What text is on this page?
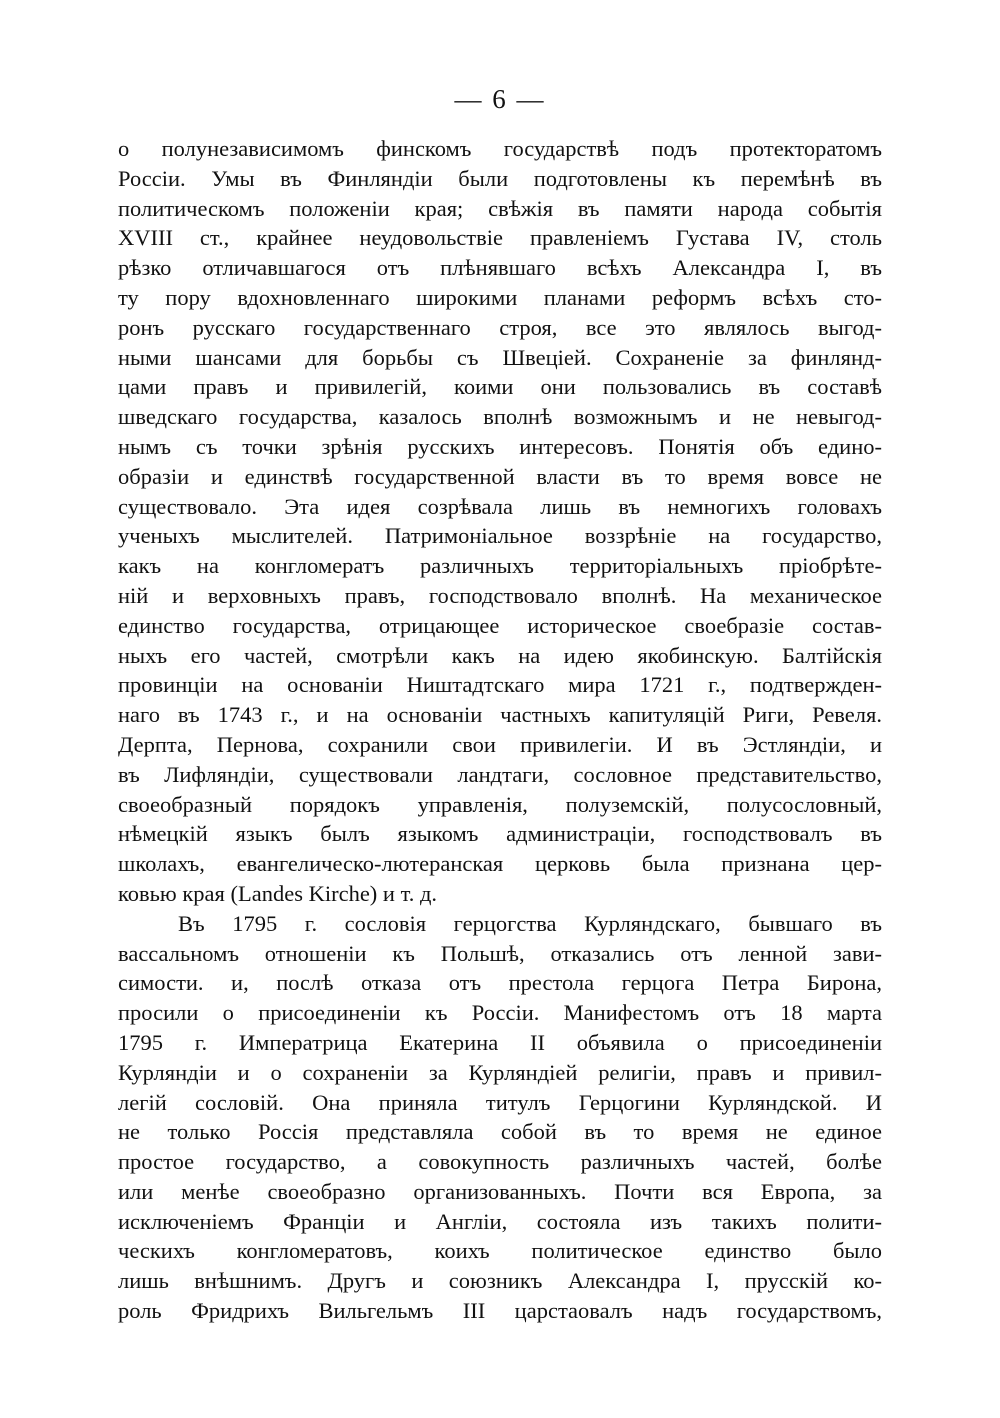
— 6 —
о полунезависимомъ финскомъ государствѣ подъ протекторатомъ
Россіи. Умы въ Финляндіи были подготовлены къ перемѣнѣ въ
политическомъ положеніи края; свѣжія въ памяти народа событія
XVIII ст., крайнее неудовольствіе правленіемъ Густава IV, столь
рѣзко отличавшагося отъ плѣнявшаго всѣхъ Александра I, въ
ту пору вдохновленнаго широкими планами реформъ всѣхъ сто-
ронъ русскаго государственнаго строя, все это являлось выгод-
ными шансами для борьбы съ Швеціей. Сохраненіе за финлянд-
цами правъ и привилегій, коими они пользовались въ составѣ
шведскаго государства, казалось вполнѣ возможнымъ и не невыгод-
нымъ съ точки зрѣнія русскихъ интересовъ. Понятія объ едино-
образіи и единствѣ государственной власти въ то время вовсе не
существовало. Эта идея созрѣвала лишь въ немногихъ головахъ
ученыхъ мыслителей. Патримоніальное воззрѣніе на государство,
какъ на конгломератъ различныхъ территоріальныхъ пріобрѣте-
ній и верховныхъ правъ, господствовало вполнѣ. На механическое
единство государства, отрицающее историческое своебразіе состав-
ныхъ его частей, смотрѣли какъ на идею якобинскую. Балтійскія
провинціи на основаніи Ништадтскаго мира 1721 г., подтвержден-
наго въ 1743 г., и на основаніи частныхъ капитуляцій Риги, Ревеля.
Дерпта, Пернова, сохранили свои привилегіи. И въ Эстляндіи, и
въ Лифляндіи, существовали ландтаги, сословное представительство,
своеобразный порядокъ управленія, полуземскій, полусословный,
нѣмецкій языкъ былъ языкомъ администраціи, господствовалъ въ
школахъ, евангелическо-лютеранская церковь была признана цер-
ковью края (Landes Kirche) и т. д.
Въ 1795 г. сословія герцогства Курляндскаго, бывшаго въ
вассальномъ отношеніи къ Польшѣ, отказались отъ ленной зави-
симости. и, послѣ отказа отъ престола герцога Петра Бирона,
просили о присоединеніи къ Россіи. Манифестомъ отъ 18 марта
1795 г. Императрица Екатерина II объявила о присоединеніи
Курляндіи и о сохраненіи за Курляндіей религіи, правъ и привил-
легій сословій. Она приняла титулъ Герцогини Курляндской. И
не только Россія представляла собой въ то время не единое
простое государство, а совокупность различныхъ частей, болѣе
или менѣе своеобразно организованныхъ. Почти вся Европа, за
исключеніемъ Франціи и Англіи, состояла изъ такихъ полити-
ческихъ конгломератовъ, коихъ политическое единство было
лишь внѣшнимъ. Другъ и союзникъ Александра I, прусскій ко-
роль Фридрихъ Вильгельмъ III царстаовалъ надъ государствомъ,
